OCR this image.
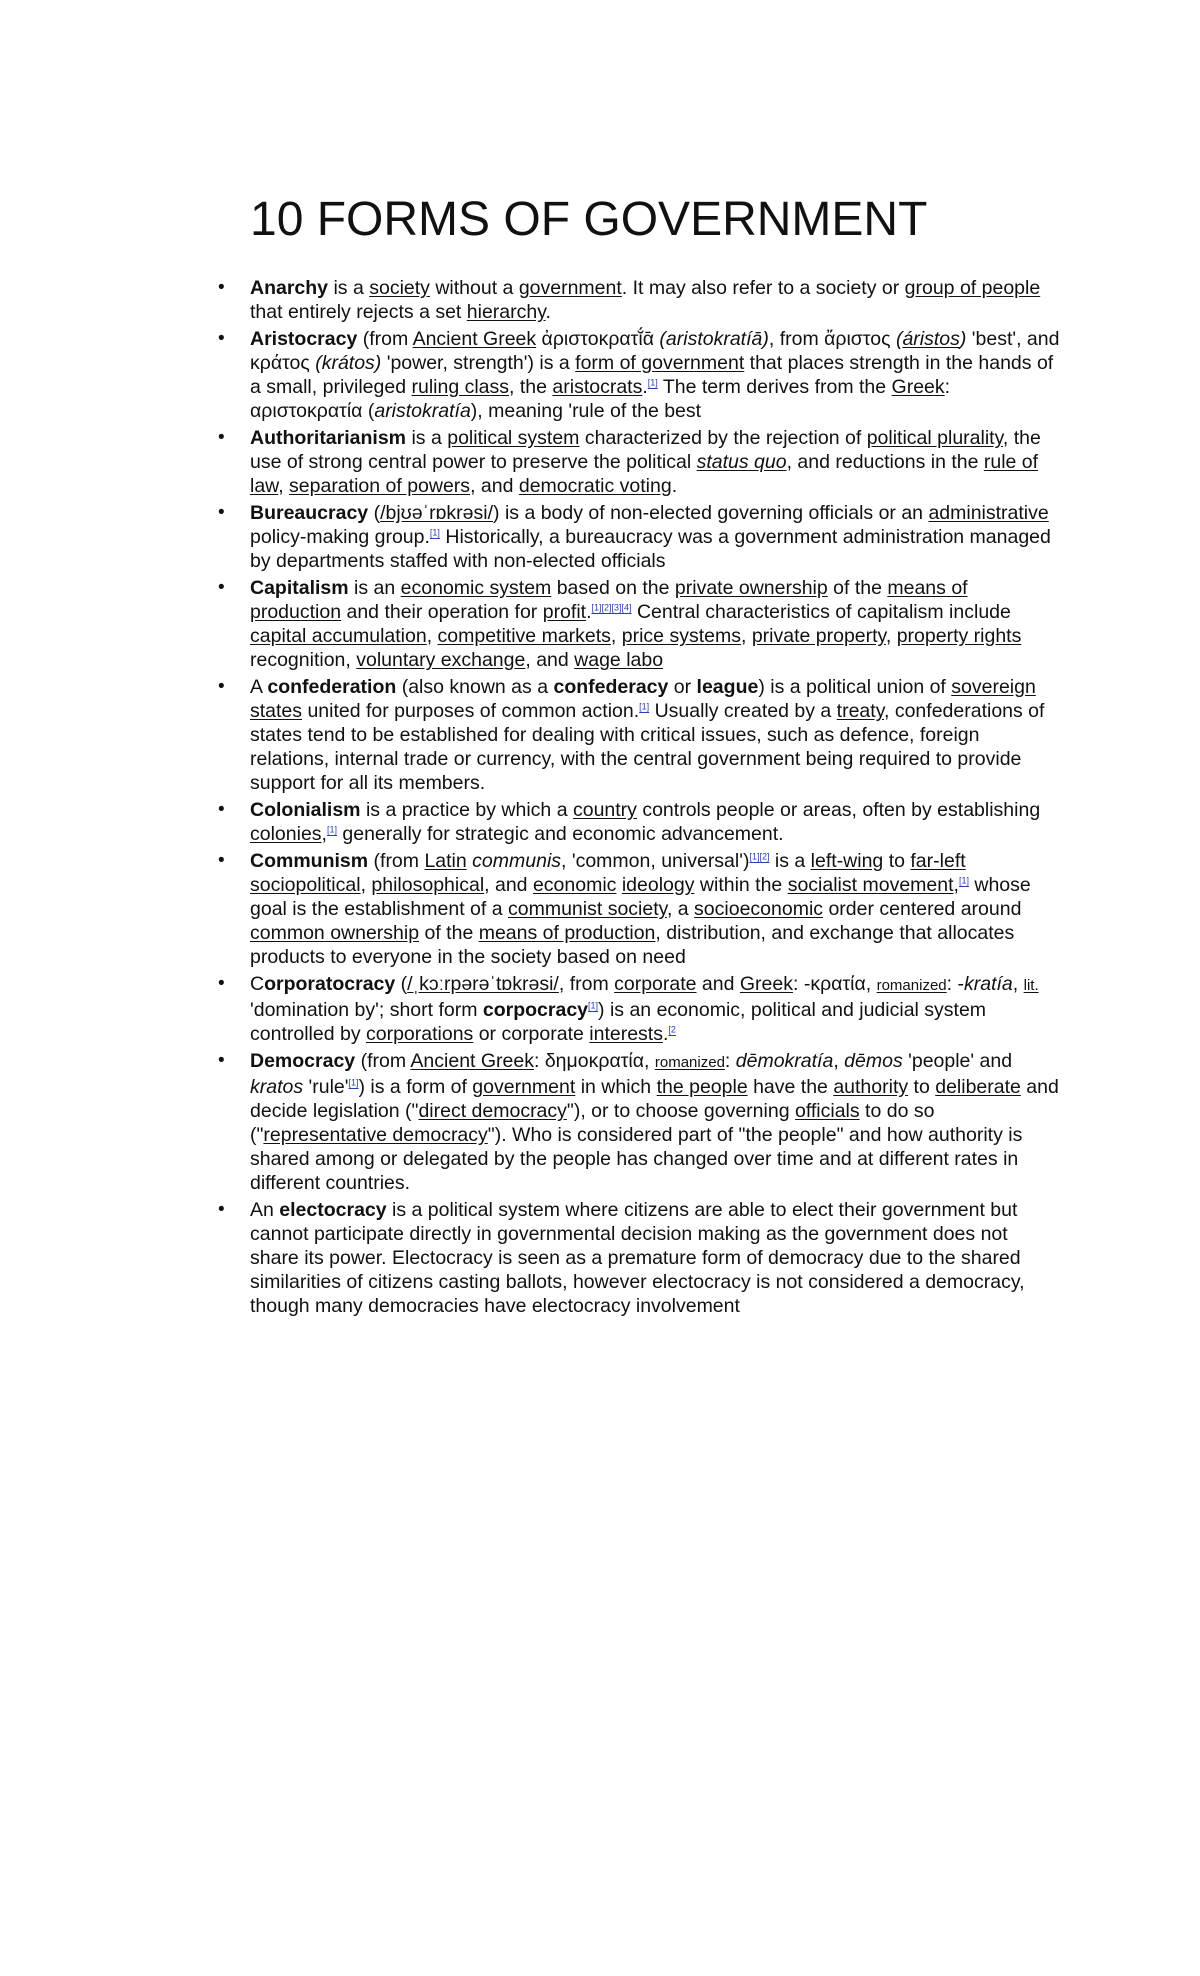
10 FORMS OF GOVERNMENT
• Anarchy is a society without a government. It may also refer to a society or group of people that entirely rejects a set hierarchy.
• Aristocracy (from Ancient Greek ἀριστοκρατῐ́ᾱ (aristokratíā), from ἄριστος (áristos) 'best', and κράτος (krátos) 'power, strength') is a form of government that places strength in the hands of a small, privileged ruling class, the aristocrats.[1] The term derives from the Greek: αριστοκρατία (aristokratía), meaning 'rule of the best
• Authoritarianism is a political system characterized by the rejection of political plurality, the use of strong central power to preserve the political status quo, and reductions in the rule of law, separation of powers, and democratic voting.
• Bureaucracy (/bjʊəˈrɒkrəsi/) is a body of non-elected governing officials or an administrative policy-making group.[1] Historically, a bureaucracy was a government administration managed by departments staffed with non-elected officials
• Capitalism is an economic system based on the private ownership of the means of production and their operation for profit.[1][2][3][4] Central characteristics of capitalism include capital accumulation, competitive markets, price systems, private property, property rights recognition, voluntary exchange, and wage labo
• A confederation (also known as a confederacy or league) is a political union of sovereign states united for purposes of common action.[1] Usually created by a treaty, confederations of states tend to be established for dealing with critical issues, such as defence, foreign relations, internal trade or currency, with the central government being required to provide support for all its members.
• Colonialism is a practice by which a country controls people or areas, often by establishing colonies,[1] generally for strategic and economic advancement.
• Communism (from Latin communis, 'common, universal')[1][2] is a left-wing to far-left sociopolitical, philosophical, and economic ideology within the socialist movement,[1] whose goal is the establishment of a communist society, a socioeconomic order centered around common ownership of the means of production, distribution, and exchange that allocates products to everyone in the society based on need
• Corporatocracy (/ˌkɔːrpərəˈtɒkrəsi/, from corporate and Greek: -κρατία, romanized: -kratía, lit. 'domination by'; short form corpocracy[1]) is an economic, political and judicial system controlled by corporations or corporate interests.$^{[2}$
• Democracy (from Ancient Greek: δημοκρατία, romanized: dēmokratía, dēmos 'people' and kratos 'rule'[1]) is a form of government in which the people have the authority to deliberate and decide legislation ("direct democracy"), or to choose governing officials to do so ("representative democracy"). Who is considered part of "the people" and how authority is shared among or delegated by the people has changed over time and at different rates in different countries.
• An electocracy is a political system where citizens are able to elect their government but cannot participate directly in governmental decision making as the government does not share its power. Electocracy is seen as a premature form of democracy due to the shared similarities of citizens casting ballots, however electocracy is not considered a democracy, though many democracies have electocracy involvement
